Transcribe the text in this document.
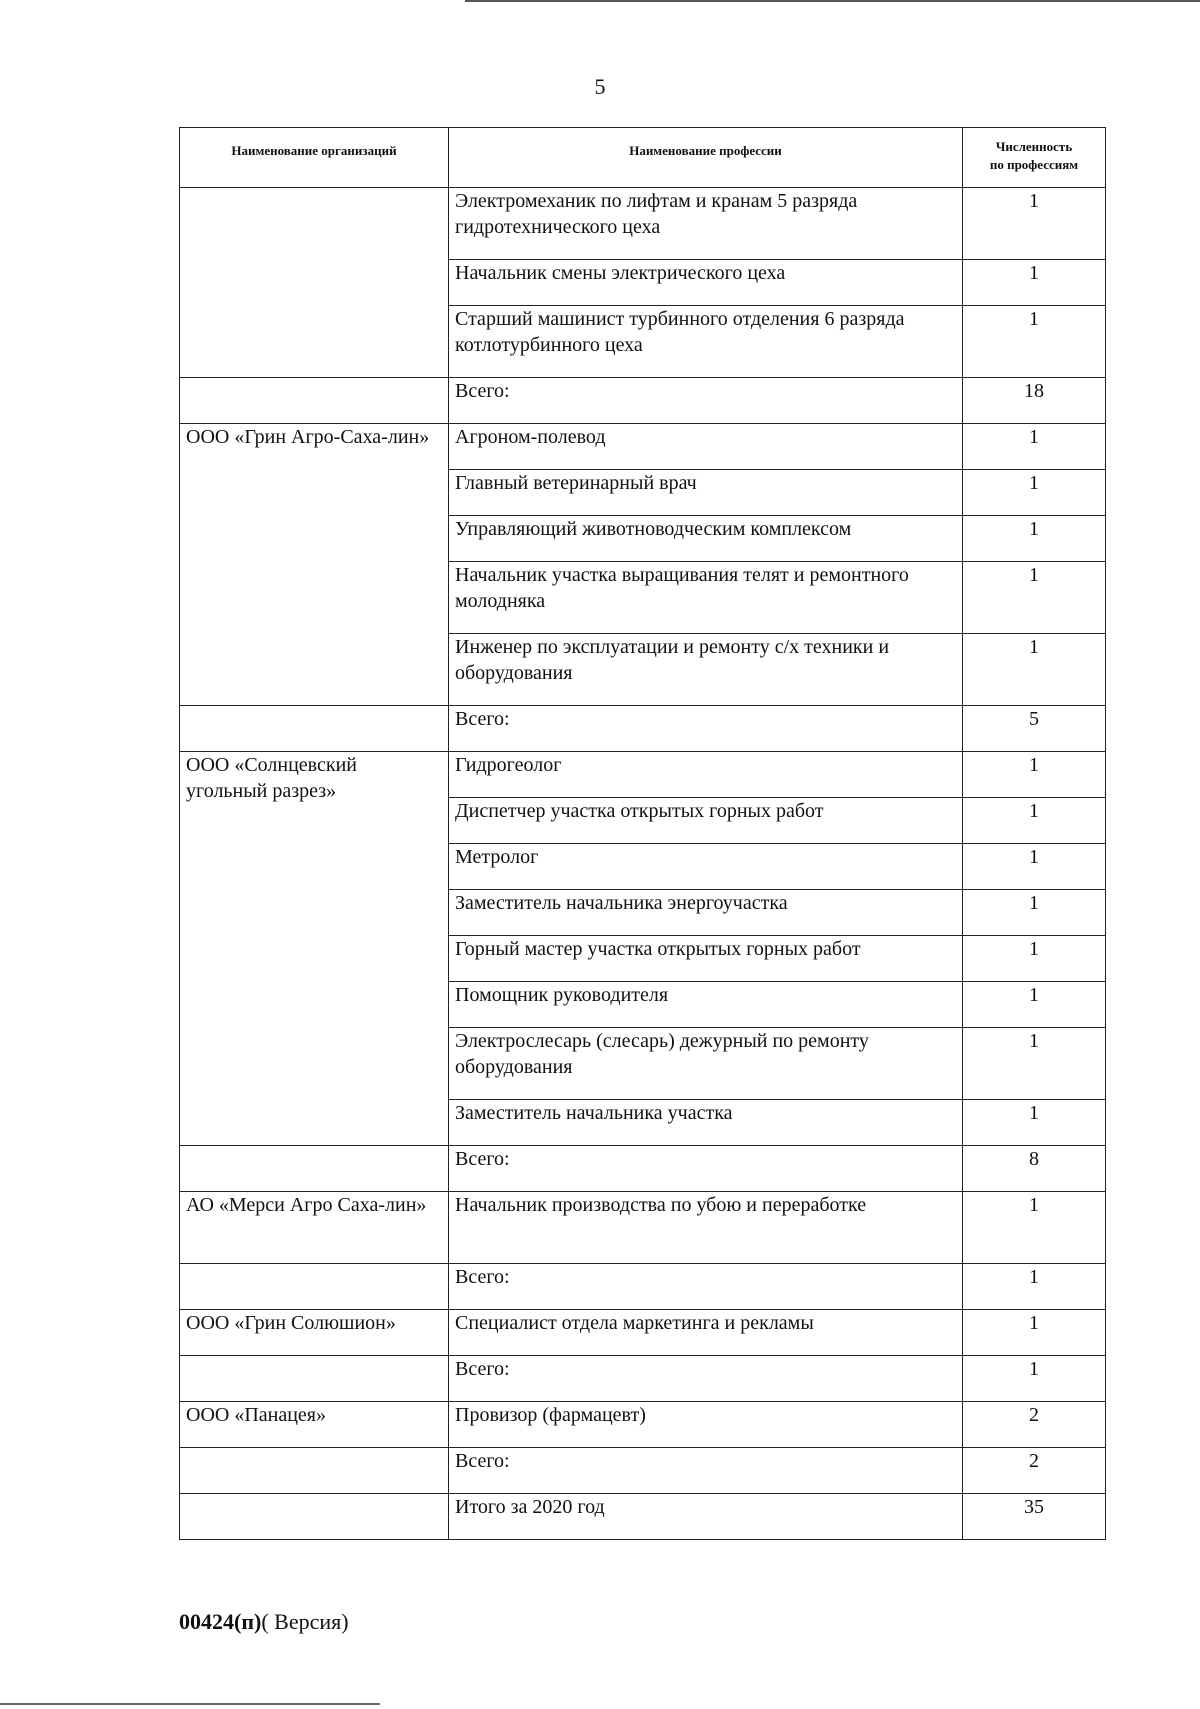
5
Наименование организаций	Наименование профессии	Численность
по профессиям
	Электромеханик по лифтам и кранам 5 разряда гидротехнического цеха	1
	Начальник смены электрического цеха	1
	Старший машинист турбинного отделения 6 разряда котлотурбинного цеха	1
	Всего:	18
ООО «Грин Агро-Саха-лин»	Агроном-полевод	1
	Главный ветеринарный врач	1
	Управляющий животноводческим комплексом	1
	Начальник участка выращивания телят и ремонтного молодняка	1
	Инженер по эксплуатации и ремонту с/х техники и оборудования	1
	Всего:	5
ООО «Солнцевский угольный разрез»	Гидрогеолог	1
	Диспетчер участка открытых горных работ	1
	Метролог	1
	Заместитель начальника энергоучастка	1
	Горный мастер участка открытых горных работ	1
	Помощник руководителя	1
	Электрослесарь (слесарь) дежурный по ремонту оборудования	1
	Заместитель начальника участка	1
	Всего:	8
АО «Мерси Агро Саха-лин»	Начальник производства по убою и переработке	1
	Всего:	1
ООО «Грин Солюшион»	Специалист отдела маркетинга и рекламы	1
	Всего:	1
ООО «Панацея»	Провизор (фармацевт)	2
	Всего:	2
	Итого за 2020 год	35
00424(п)( Версия)
